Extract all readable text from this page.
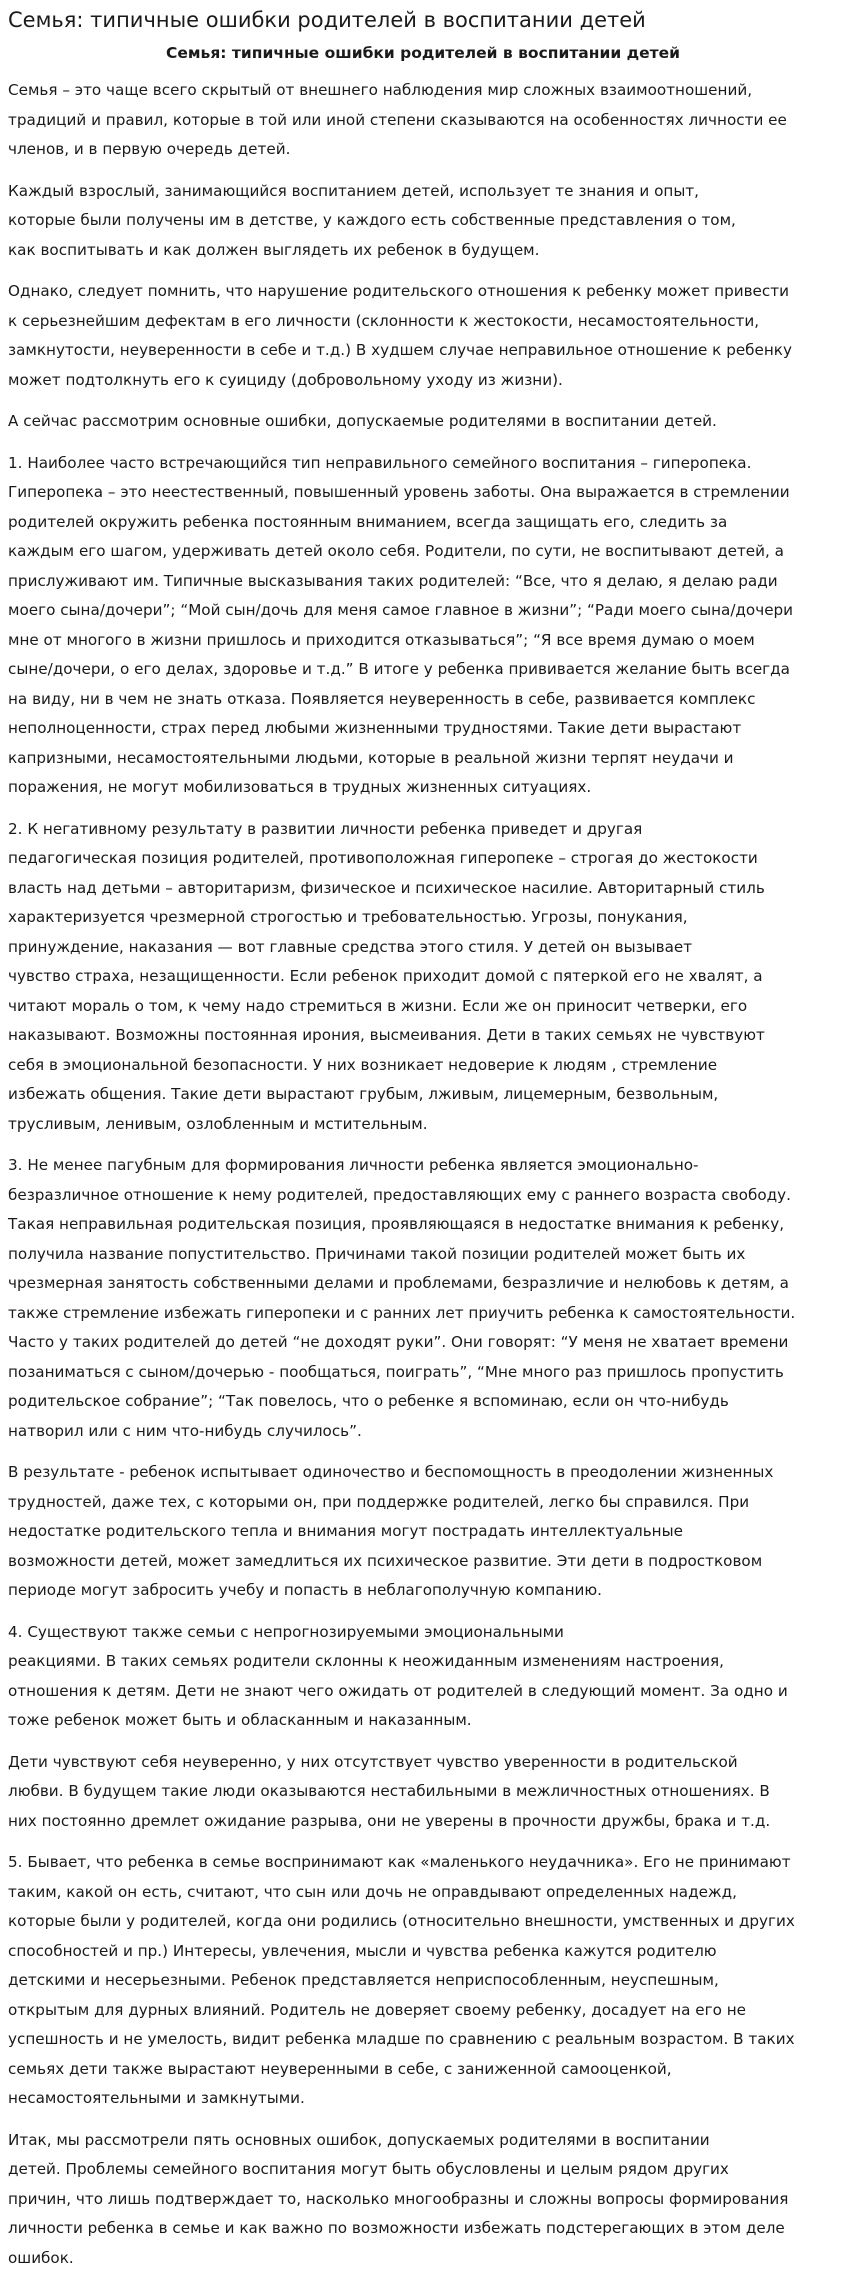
Семья: типичные ошибки родителей в воспитании детей
Семья: типичные ошибки родителей в воспитании детей

Семья – это чаще всего скрытый от внешнего наблюдения мир сложных взаимоотношений,
традиций и правил, которые в той или иной степени сказываются на особенностях личности ее
членов, и в первую очередь детей.

Каждый взрослый, занимающийся воспитанием детей, использует те знания и опыт,
которые были получены им в детстве, у каждого есть собственные представления о том,
как воспитывать и как должен выглядеть их ребенок в будущем.

Однако, следует помнить, что нарушение родительского отношения к ребенку может привести
к серьезнейшим дефектам в его личности (склонности к жестокости, несамостоятельности,
замкнутости, неуверенности в себе и т.д.) В худшем случае неправильное отношение к ребенку
может подтолкнуть его к суициду (добровольному уходу из жизни).

А сейчас рассмотрим основные ошибки, допускаемые родителями в воспитании детей.

1. Наиболее часто встречающийся тип неправильного семейного воспитания – гиперопека.
Гиперопека – это неестественный, повышенный уровень заботы. Она выражается в стремлении
родителей окружить ребенка постоянным вниманием, всегда защищать его, следить за
каждым его шагом, удерживать детей около себя. Родители, по сути, не воспитывают детей, а
прислуживают им. Типичные высказывания таких родителей: “Все, что я делаю, я делаю ради
моего сына/дочери”; “Мой сын/дочь для меня самое главное в жизни”; “Ради моего сына/дочери
мне от многого в жизни пришлось и приходится отказываться”; “Я все время думаю о моем
сыне/дочери, о его делах, здоровье и т.д.” В итоге у ребенка прививается желание быть всегда
на виду, ни в чем не знать отказа. Появляется неуверенность в себе, развивается комплекс
неполноценности, страх перед любыми жизненными трудностями. Такие дети вырастают
капризными, несамостоятельными людьми, которые в реальной жизни терпят неудачи и
поражения, не могут мобилизоваться в трудных жизненных ситуациях.

2. К негативному результату в развитии личности ребенка приведет и другая
педагогическая позиция родителей, противоположная гиперопеке – строгая до жестокости
власть над детьми – авторитаризм, физическое и психическое насилие. Авторитарный стиль
характеризуется чрезмерной строгостью и требовательностью. Угрозы, понукания,
принуждение, наказания — вот главные средства этого стиля. У детей он вызывает
чувство страха, незащищенности. Если ребенок приходит домой с пятеркой его не хвалят, а
читают мораль о том, к чему надо стремиться в жизни. Если же он приносит четверки, его
наказывают. Возможны постоянная ирония, высмеивания. Дети в таких семьях не чувствуют
себя в эмоциональной безопасности. У них возникает недоверие к людям , стремление
избежать общения. Такие дети вырастают грубым, лживым, лицемерным, безвольным,
трусливым, ленивым, озлобленным и мстительным.

3. Не менее пагубным для формирования личности ребенка является эмоционально-
безразличное отношение к нему родителей, предоставляющих ему с раннего возраста свободу.
Такая неправильная родительская позиция, проявляющаяся в недостатке внимания к ребенку,
получила название попустительство. Причинами такой позиции родителей может быть их
чрезмерная занятость собственными делами и проблемами, безразличие и нелюбовь к детям, а
также стремление избежать гиперопеки и с ранних лет приучить ребенка к самостоятельности.
Часто у таких родителей до детей “не доходят руки”. Они говорят: “У меня не хватает времени
позаниматься с сыном/дочерью - пообщаться, поиграть”, “Мне много раз пришлось пропустить
родительское собрание”; “Так повелось, что о ребенке я вспоминаю, если он что-нибудь
натворил или с ним что-нибудь случилось”.

В результате - ребенок испытывает одиночество и беспомощность в преодолении жизненных
трудностей, даже тех, с которыми он, при поддержке родителей, легко бы справился. При
недостатке родительского тепла и внимания могут пострадать интеллектуальные
возможности детей, может замедлиться их психическое развитие. Эти дети в подростковом
периоде могут забросить учебу и попасть в неблагополучную компанию.

4. Существуют также семьи с непрогнозируемыми эмоциональными
реакциями. В таких семьях родители склонны к неожиданным изменениям настроения,
отношения к детям. Дети не знают чего ожидать от родителей в следующий момент. За одно и
тоже ребенок может быть и обласканным и наказанным.

Дети чувствуют себя неуверенно, у них отсутствует чувство уверенности в родительской
любви. В будущем такие люди оказываются нестабильными в межличностных отношениях. В
них постоянно дремлет ожидание разрыва, они не уверены в прочности дружбы, брака и т.д.

5. Бывает, что ребенка в семье воспринимают как «маленького неудачника». Его не принимают
таким, какой он есть, считают, что сын или дочь не оправдывают определенных надежд,
которые были у родителей, когда они родились (относительно внешности, умственных и других
способностей и пр.) Интересы, увлечения, мысли и чувства ребенка кажутся родителю
детскими и несерьезными. Ребенок представляется неприспособленным, неуспешным,
открытым для дурных влияний. Родитель не доверяет своему ребенку, досадует на его не
успешность и не умелость, видит ребенка младше по сравнению с реальным возрастом. В таких
семьях дети также вырастают неуверенными в себе, с заниженной самооценкой,
несамостоятельными и замкнутыми.

Итак, мы рассмотрели пять основных ошибок, допускаемых родителями в воспитании
детей. Проблемы семейного воспитания могут быть обусловлены и целым рядом других
причин, что лишь подтверждает то, насколько многообразны и сложны вопросы формирования
личности ребенка в семье и как важно по возможности избежать подстерегающих в этом деле
ошибок.
